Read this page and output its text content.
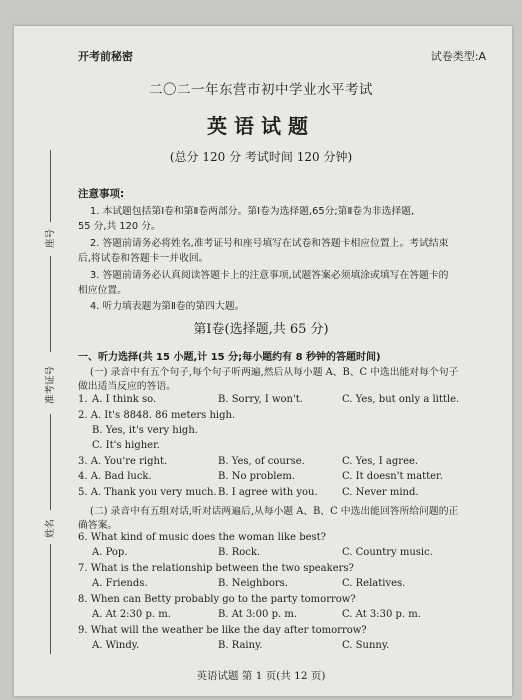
座号
准考证号
姓名
开考前秘密	试卷类型:A
二〇二一年东营市初中学业水平考试
英语试题
(总分 120 分 考试时间 120 分钟)
注意事项:
1. 本试题包括第Ⅰ卷和第Ⅱ卷两部分。第Ⅰ卷为选择题,65分;第Ⅱ卷为非选择题,
55 分,共 120 分。
2. 答题前请务必将姓名,准考证号和座号填写在试卷和答题卡相应位置上。考试结束
后,将试卷和答题卡一并收回。
3. 答题前请务必认真阅读答题卡上的注意事项,试题答案必须填涂或填写在答题卡的
相应位置。
4. 听力填表题为第Ⅱ卷的第四大题。
第Ⅰ卷(选择题,共 65 分)
一、听力选择(共 15 小题,计 15 分;每小题约有 8 秒钟的答题时间)
(一) 录音中有五个句子,每个句子听两遍,然后从每小题 A、B、C 中选出能对每个句子
做出适当反应的答语。
1. A. I think so.	B. Sorry, I won't.	C. Yes, but only a little.
2. A. It's 8848. 86 meters high.
B. Yes, it's very high.
C. It's higher.
3. A. You're right.	B. Yes, of course.	C. Yes, I agree.
4. A. Bad luck.	B. No problem.	C. It doesn't matter.
5. A. Thank you very much. B. I agree with you. C. Never mind.
(二) 录音中有五组对话,听对话两遍后,从每小题 A、B、C 中选出能回答所给问题的正
确答案。
6. What kind of music does the woman like best?
A. Pop.	B. Rock.	C. Country music.
7. What is the relationship between the two speakers?
A. Friends.	B. Neighbors.	C. Relatives.
8. When can Betty probably go to the party tomorrow?
A. At 2:30 p. m.	B. At 3:00 p. m.	C. At 3:30 p. m.
9. What will the weather be like the day after tomorrow?
A. Windy.	B. Rainy.	C. Sunny.
英语试题 第 1 页(共 12 页)
